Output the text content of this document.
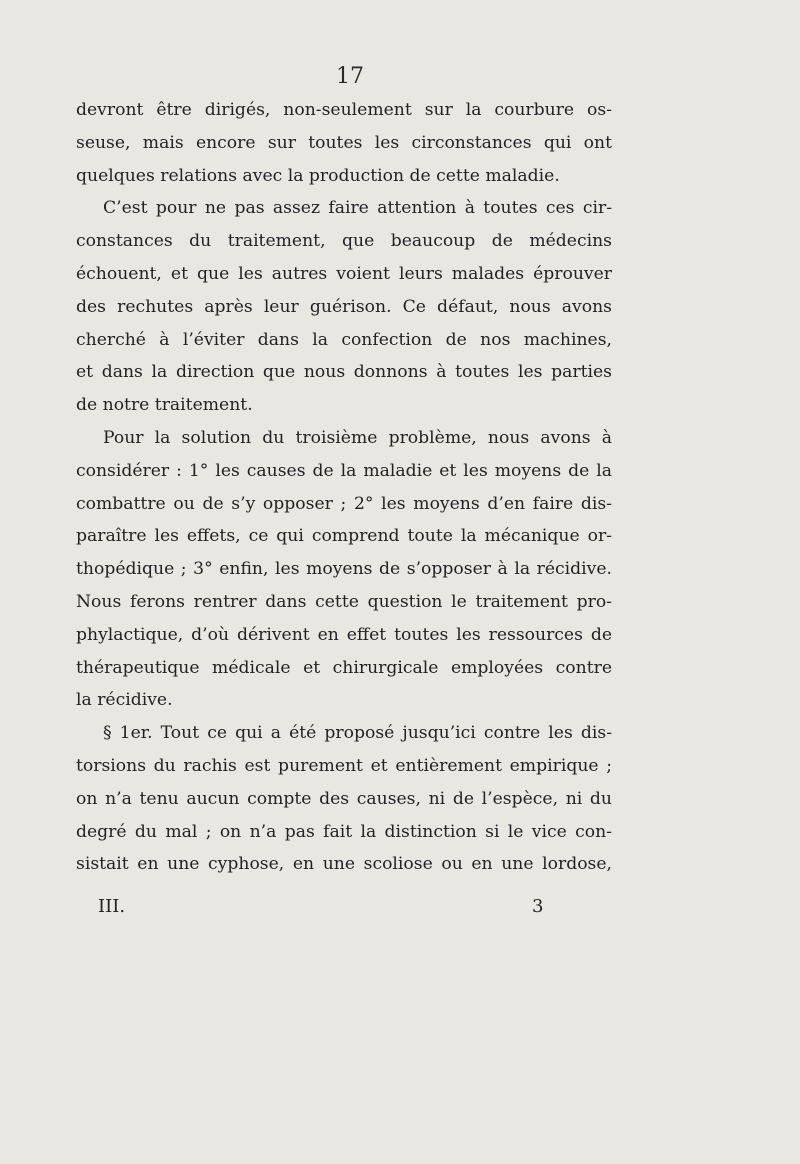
17
devront être dirigés, non-seulement sur la courbure os-
seuse, mais encore sur toutes les circonstances qui ont
quelques relations avec la production de cette maladie.
C’est pour ne pas assez faire attention à toutes ces cir-
constances du traitement, que beaucoup de médecins
échouent, et que les autres voient leurs malades éprouver
des rechutes après leur guérison. Ce défaut, nous avons
cherché à l’éviter dans la confection de nos machines,
et dans la direction que nous donnons à toutes les parties
de notre traitement.
Pour la solution du troisième problème, nous avons à
considérer : 1° les causes de la maladie et les moyens de la
combattre ou de s’y opposer ; 2° les moyens d’en faire dis-
paraître les effets, ce qui comprend toute la mécanique or-
thopédique ; 3° enfin, les moyens de s’opposer à la récidive.
Nous ferons rentrer dans cette question le traitement pro-
phylactique, d’où dérivent en effet toutes les ressources de
thérapeutique médicale et chirurgicale employées contre
la récidive.
§ 1er. Tout ce qui a été proposé jusqu’ici contre les dis-
torsions du rachis est purement et entièrement empirique ;
on n’a tenu aucun compte des causes, ni de l’espèce, ni du
degré du mal ; on n’a pas fait la distinction si le vice con-
sistait en une cyphose, en une scoliose ou en une lordose,
III.	3
